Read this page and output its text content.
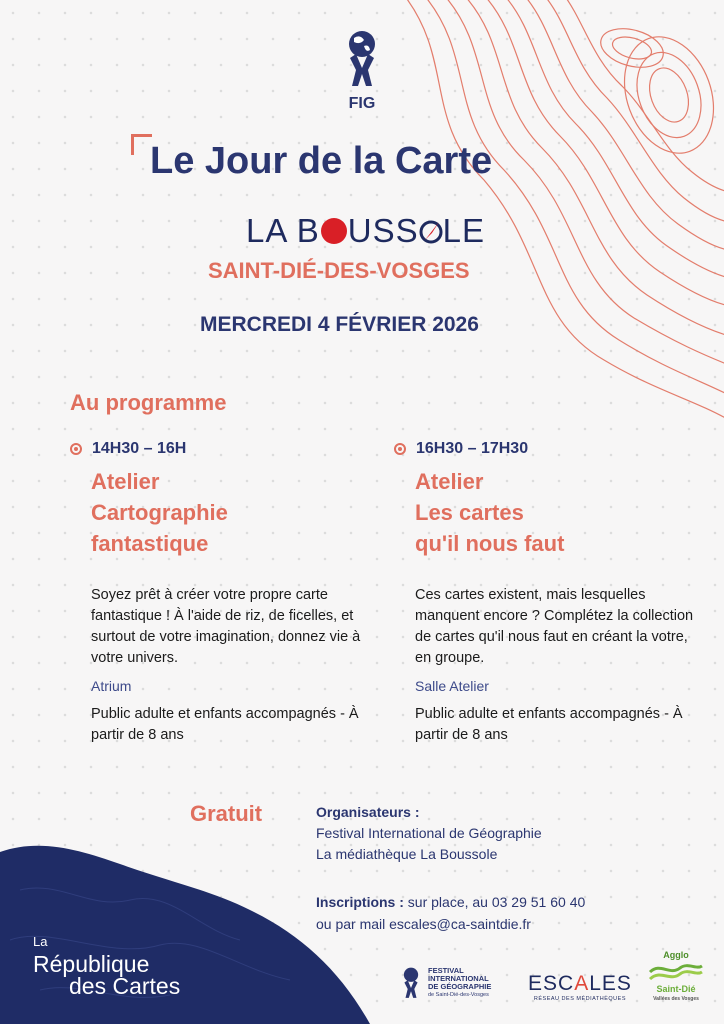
FIG
Le Jour de la Carte
LA B USS LE
SAINT-DIÉ-DES-VOSGES
MERCREDI 4 FÉVRIER 2026
Au programme
14H30 – 16H
Atelier
Cartographie
fantastique
Soyez prêt à créer votre propre carte fantastique ! À l'aide de riz, de ficelles, et surtout de votre imagination, donnez vie à votre univers.
Atrium
Public adulte et enfants accompagnés - À partir de 8 ans
16H30 – 17H30
Atelier
Les cartes
qu'il nous faut
Ces cartes existent, mais lesquelles manquent encore ? Complétez la collection de cartes qu'il nous faut en créant la votre, en groupe.
Salle Atelier
Public adulte et enfants accompagnés - À partir de 8 ans
Gratuit	Organisateurs :
Festival International de Géographie
La médiathèque La Boussole
Inscriptions : sur place, au 03 29 51 60 40
ou par mail escales@ca-saintdie.fr
La
République
des Cartes
FESTIVAL
INTERNATIONAL
DE GÉOGRAPHIE
de Saint-Dié-des-Vosges ESCALES
RÉSEAU DES MÉDIATHÈQUES
Agglo
Saint-Dié
Vallées des Vosges
